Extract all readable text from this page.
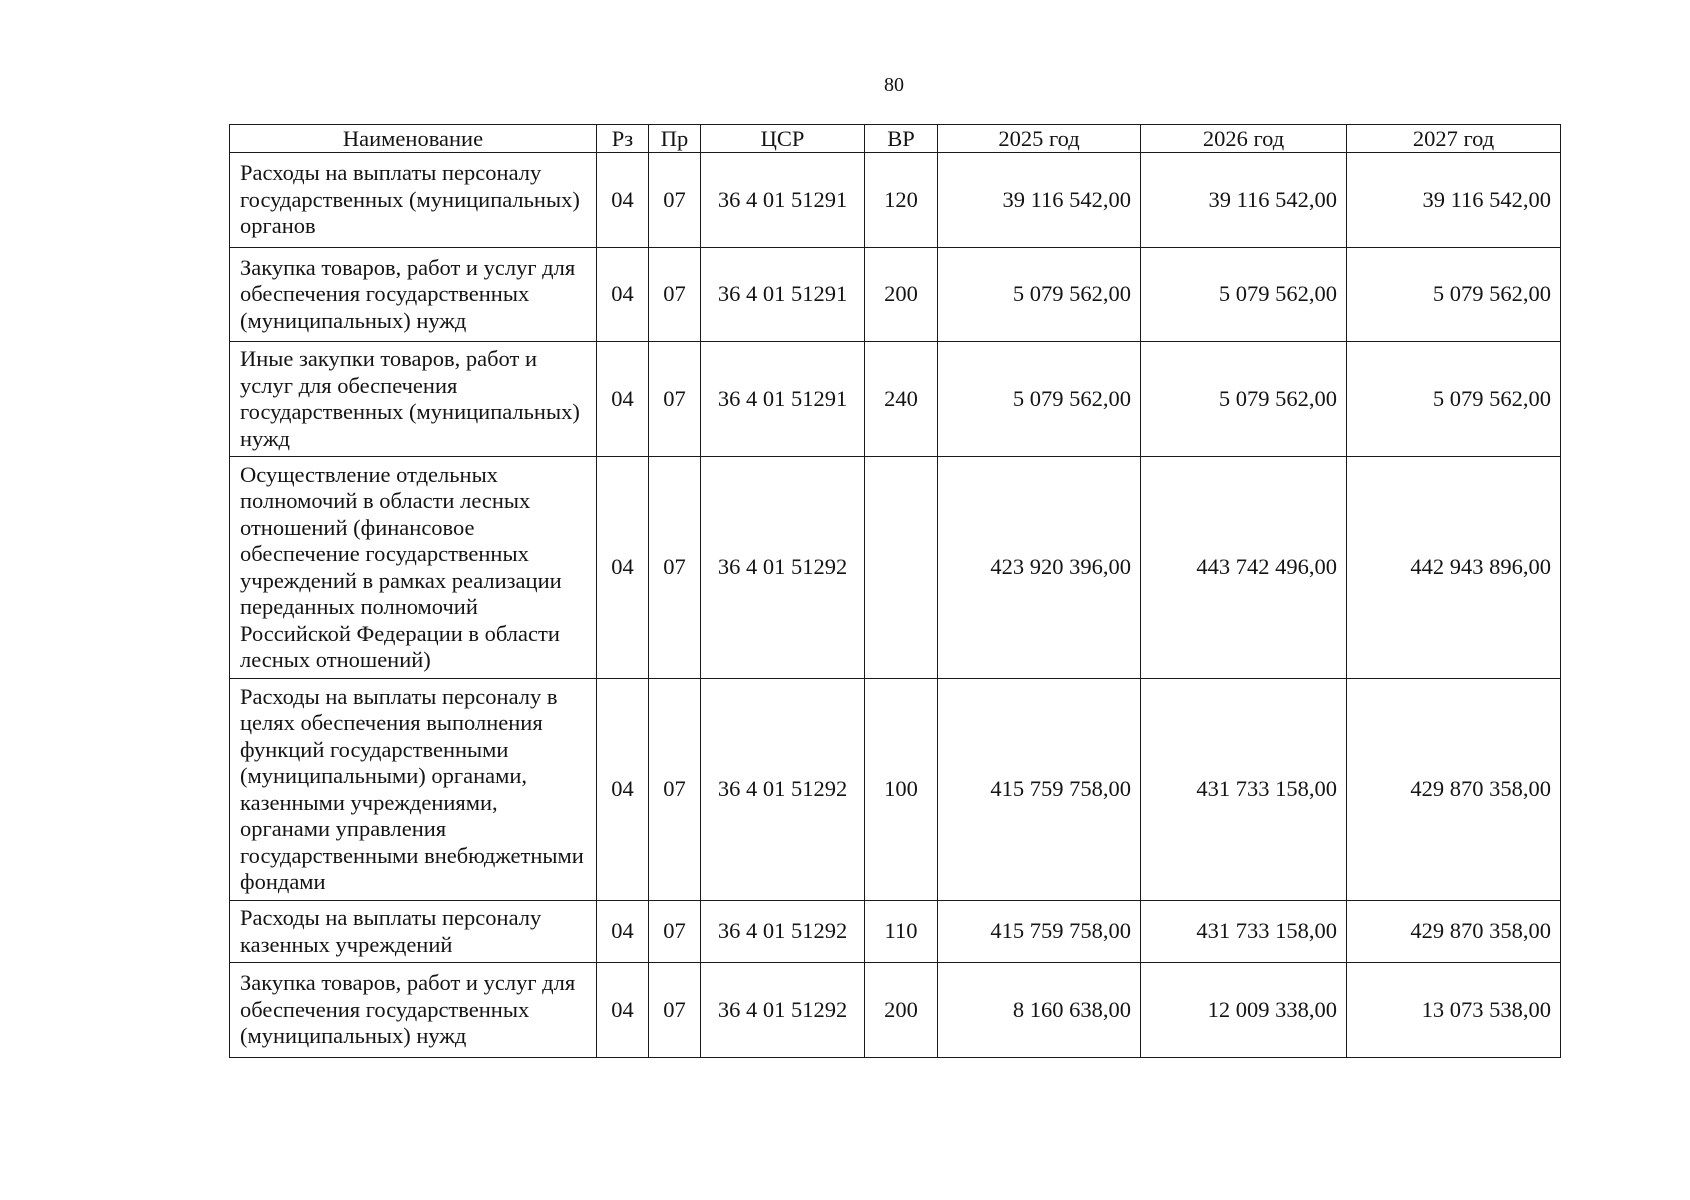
80
Наименование	Рз	Пр	ЦСР	ВР	2025 год	2026 год	2027 год
Расходы на выплаты персоналу государственных (муниципальных) органов	04	07	36 4 01 51291	120	39 116 542,00	39 116 542,00	39 116 542,00
Закупка товаров, работ и услуг для обеспечения государственных (муниципальных) нужд	04	07	36 4 01 51291	200	5 079 562,00	5 079 562,00	5 079 562,00
Иные закупки товаров, работ и услуг для обеспечения государственных (муниципальных) нужд	04	07	36 4 01 51291	240	5 079 562,00	5 079 562,00	5 079 562,00
Осуществление отдельных полномочий в области лесных отношений (финансовое обеспечение государственных учреждений в рамках реализации переданных полномочий Российской Федерации в области лесных отношений)	04	07	36 4 01 51292		423 920 396,00	443 742 496,00	442 943 896,00
Расходы на выплаты персоналу в целях обеспечения выполнения функций государственными (муниципальными) органами, казенными учреждениями, органами управления государственными внебюджетными фондами	04	07	36 4 01 51292	100	415 759 758,00	431 733 158,00	429 870 358,00
Расходы на выплаты персоналу казенных учреждений	04	07	36 4 01 51292	110	415 759 758,00	431 733 158,00	429 870 358,00
Закупка товаров, работ и услуг для обеспечения государственных (муниципальных) нужд	04	07	36 4 01 51292	200	8 160 638,00	12 009 338,00	13 073 538,00
